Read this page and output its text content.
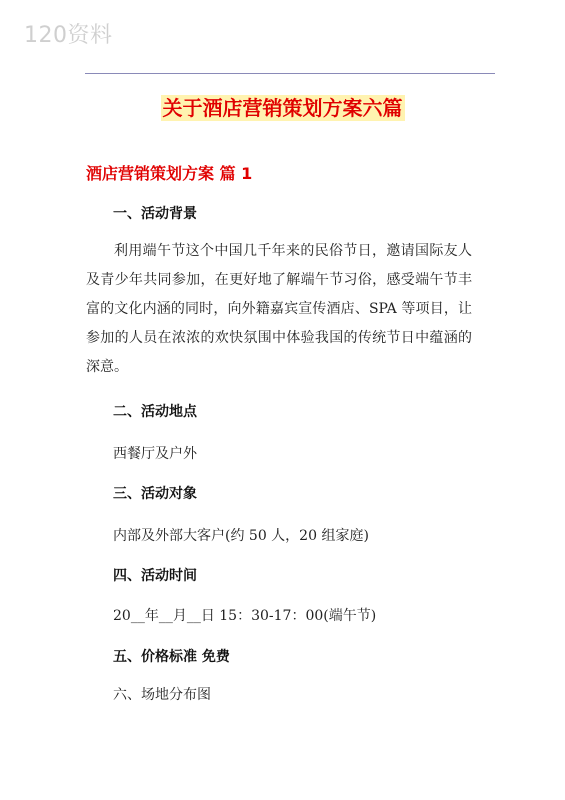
120资料
关于酒店营销策划方案六篇
酒店营销策划方案 篇 1
一、活动背景
利用端午节这个中国几千年来的民俗节日，邀请国际友人及青少年共同参加，在更好地了解端午节习俗，感受端午节丰富的文化内涵的同时，向外籍嘉宾宣传酒店、SPA 等项目，让参加的人员在浓浓的欢快氛围中体验我国的传统节日中蕴涵的深意。
二、活动地点
西餐厅及户外
三、活动对象
内部及外部大客户(约 50 人，20 组家庭)
四、活动时间
20__年__月__日 15：30-17：00(端午节)
五、价格标准 免费
六、场地分布图
